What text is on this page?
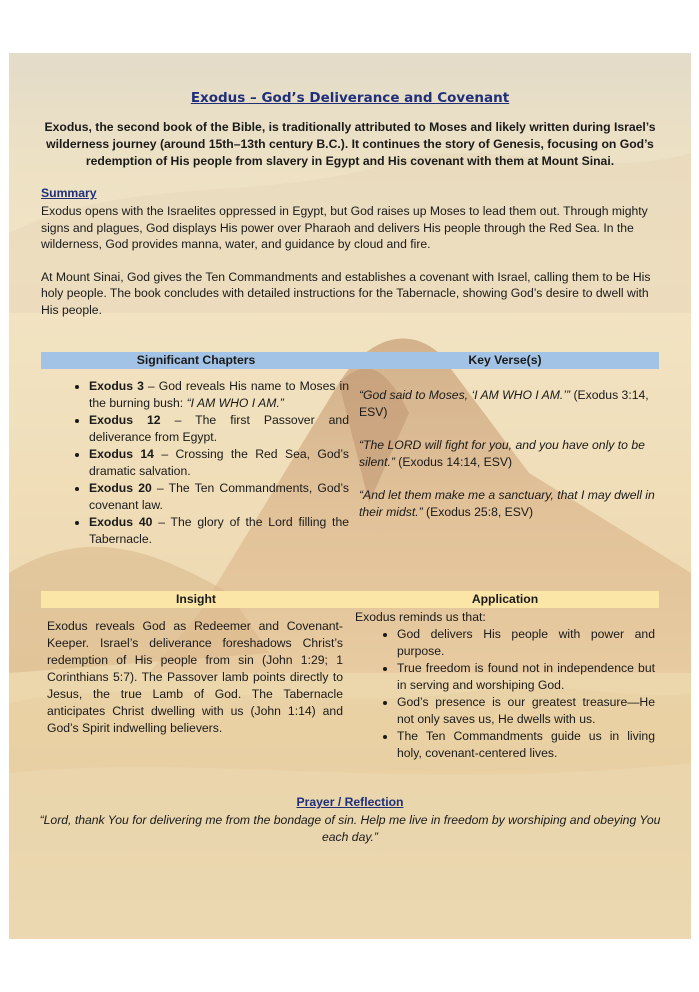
Exodus – God’s Deliverance and Covenant
Exodus, the second book of the Bible, is traditionally attributed to Moses and likely written during Israel’s wilderness journey (around 15th–13th century B.C.). It continues the story of Genesis, focusing on God’s redemption of His people from slavery in Egypt and His covenant with them at Mount Sinai.
Summary

Exodus opens with the Israelites oppressed in Egypt, but God raises up Moses to lead them out. Through mighty signs and plagues, God displays His power over Pharaoh and delivers His people through the Red Sea. In the wilderness, God provides manna, water, and guidance by cloud and fire.

At Mount Sinai, God gives the Ten Commandments and establishes a covenant with Israel, calling them to be His holy people. The book concludes with detailed instructions for the Tabernacle, showing God’s desire to dwell with His people.

Significant Chapters	Key Verse(s)
• Exodus 3 – God reveals His name to Moses in the burning bush: “I AM WHO I AM.”
• Exodus 12 – The first Passover and deliverance from Egypt.
• Exodus 14 – Crossing the Red Sea, God’s dramatic salvation.
• Exodus 20 – The Ten Commandments, God’s covenant law.
• Exodus 40 – The glory of the Lord filling the Tabernacle.

“God said to Moses, ‘I AM WHO I AM.’” (Exodus 3:14, ESV)

“The LORD will fight for you, and you have only to be silent.” (Exodus 14:14, ESV)

“And let them make me a sanctuary, that I may dwell in their midst.” (Exodus 25:8, ESV)

Insight	Application
Exodus reveals God as Redeemer and Covenant-Keeper. Israel’s deliverance foreshadows Christ’s redemption of His people from sin (John 1:29; 1 Corinthians 5:7). The Passover lamb points directly to Jesus, the true Lamb of God. The Tabernacle anticipates Christ dwelling with us (John 1:14) and God’s Spirit indwelling believers.
Exodus reminds us that:
• God delivers His people with power and purpose.
• True freedom is found not in independence but in serving and worshiping God.
• God’s presence is our greatest treasure—He not only saves us, He dwells with us.
• The Ten Commandments guide us in living holy, covenant-centered lives.
Prayer / Reflection
“Lord, thank You for delivering me from the bondage of sin. Help me live in freedom by worshiping and obeying You each day.”
